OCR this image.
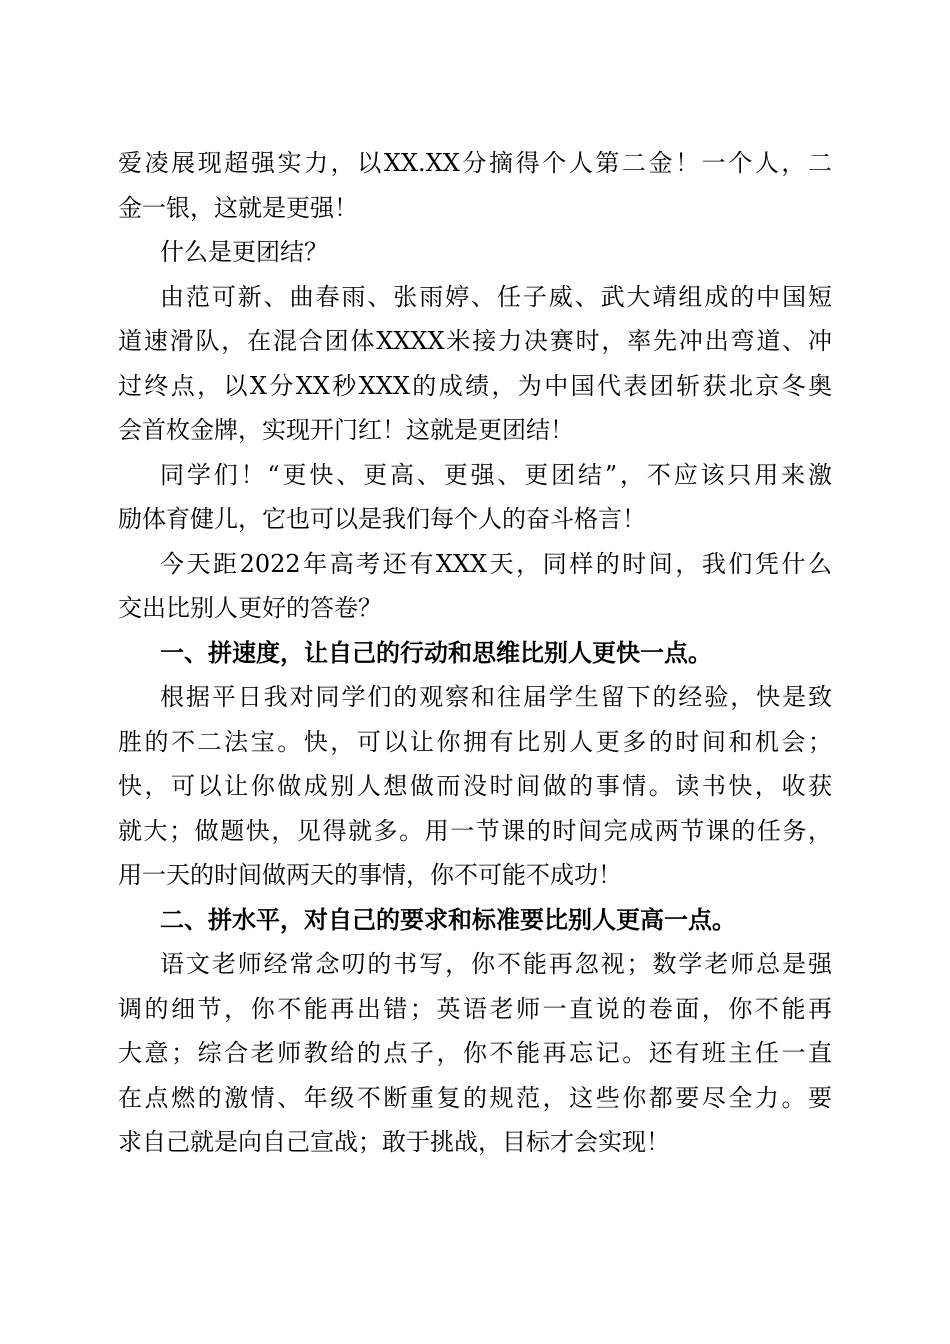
爱凌展现超强实力，以XX.XX分摘得个人第二金！一个人，二
金一银，这就是更强！
什么是更团结？
由范可新、曲春雨、张雨婷、任子威、武大靖组成的中国短
道速滑队，在混合团体XXXX米接力决赛时，率先冲出弯道、冲
过终点，以X分XX秒XXX的成绩，为中国代表团斩获北京冬奥
会首枚金牌，实现开门红！这就是更团结！
同学们！“更快、更高、更强、更团结”，不应该只用来激
励体育健儿，它也可以是我们每个人的奋斗格言！
今天距2022年高考还有XXX天，同样的时间，我们凭什么
交出比别人更好的答卷？
一、拼速度，让自己的行动和思维比别人更快一点。
根据平日我对同学们的观察和往届学生留下的经验，快是致
胜的不二法宝。快，可以让你拥有比别人更多的时间和机会；
快，可以让你做成别人想做而没时间做的事情。读书快，收获
就大；做题快，见得就多。用一节课的时间完成两节课的任务，
用一天的时间做两天的事情，你不可能不成功！
二、拼水平，对自己的要求和标准要比别人更高一点。
语文老师经常念叨的书写，你不能再忽视；数学老师总是强
调的细节，你不能再出错；英语老师一直说的卷面，你不能再
大意；综合老师教给的点子，你不能再忘记。还有班主任一直
在点燃的激情、年级不断重复的规范，这些你都要尽全力。要
求自己就是向自己宣战；敢于挑战，目标才会实现！
